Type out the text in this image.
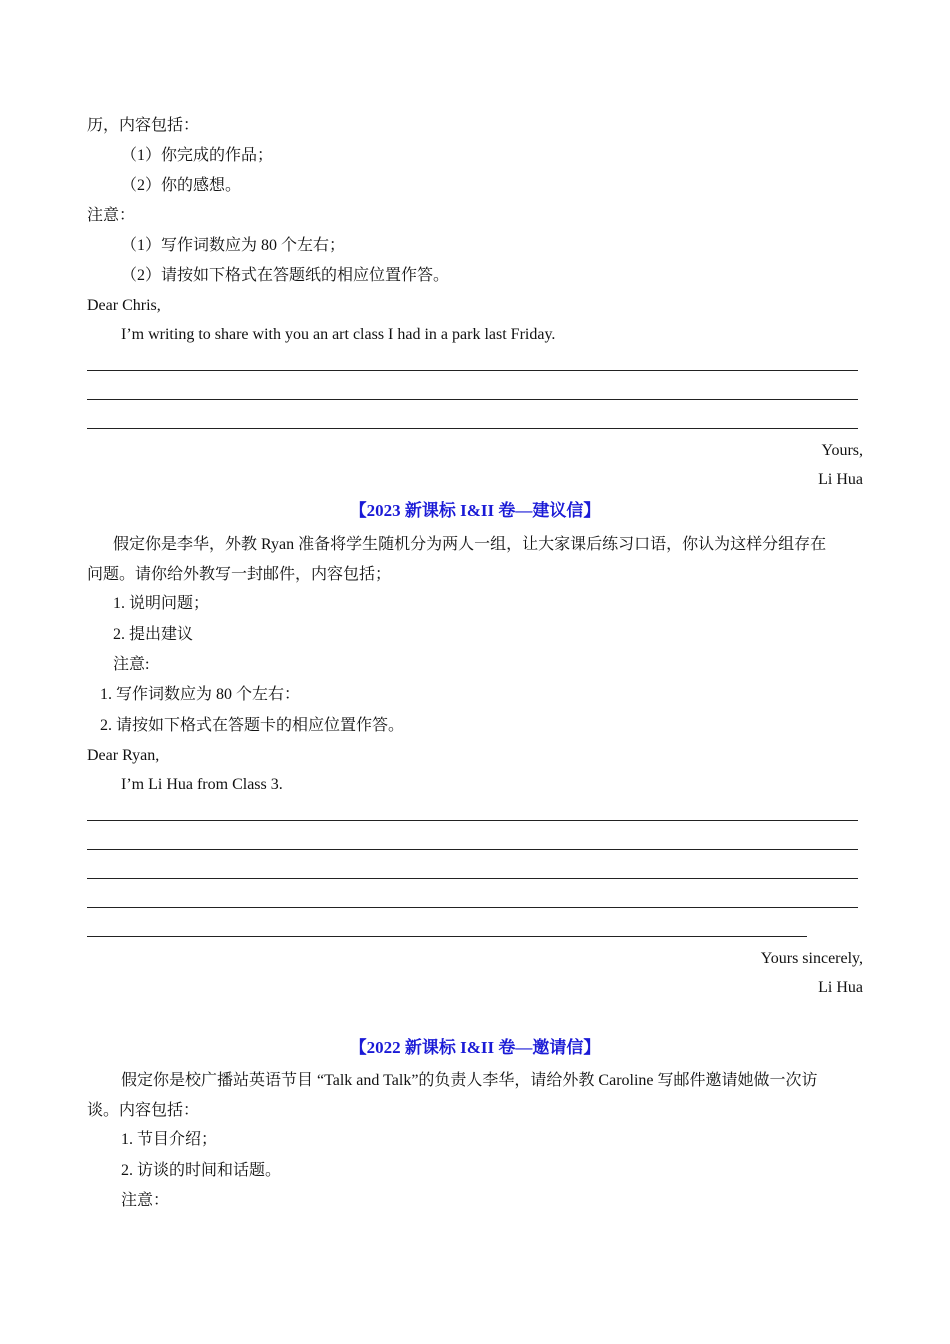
历，内容包括：
（1）你完成的作品；
（2）你的感想。
注意：
（1）写作词数应为 80 个左右；
（2）请按如下格式在答题纸的相应位置作答。
Dear Chris,
I’m writing to share with you an art class I had in a park last Friday.
Yours,
Li Hua
【2023 新课标 I&II 卷—建议信】
假定你是李华，外教 Ryan 准备将学生随机分为两人一组，让大家课后练习口语，你认为这样分组存在
问题。请你给外教写一封邮件，内容包括；
1. 说明问题；
2. 提出建议
注意:
1. 写作词数应为 80 个左右：
2. 请按如下格式在答题卡的相应位置作答。
Dear Ryan,
I’m Li Hua from Class 3.
Yours sincerely,
Li Hua
【2022 新课标 I&II 卷—邀请信】
假定你是校广播站英语节目 “Talk and Talk”的负责人李华，请给外教 Caroline 写邮件邀请她做一次访
谈。内容包括：
1. 节目介绍；
2. 访谈的时间和话题。
注意：
